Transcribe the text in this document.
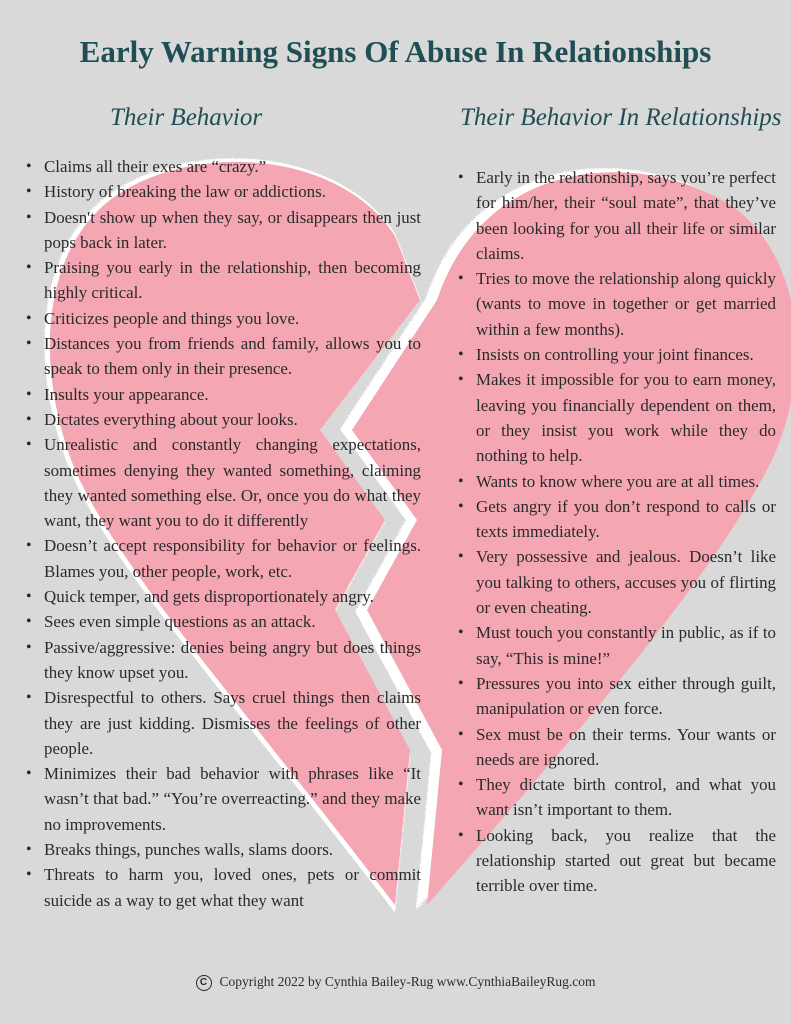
Early Warning Signs Of Abuse In Relationships
Their Behavior	Their Behavior In Relationships
• Claims all their exes are “crazy.”
• History of breaking the law or addictions.
• Doesn't show up when they say, or disappears then just pops back in later.
• Praising you early in the relationship, then becoming highly critical.
• Criticizes people and things you love.
• Distances you from friends and family, allows you to speak to them only in their presence.
• Insults your appearance.
• Dictates everything about your looks.
• Unrealistic and constantly changing expectations, sometimes denying they wanted something, claiming they wanted something else. Or, once you do what they want, they want you to do it differently
• Doesn’t accept responsibility for behavior or feelings. Blames you, other people, work, etc.
• Quick temper, and gets disproportionately angry.
• Sees even simple questions as an attack.
• Passive/aggressive: denies being angry but does things they know upset you.
• Disrespectful to others. Says cruel things then claims they are just kidding. Dismisses the feelings of other people.
• Minimizes their bad behavior with phrases like “It wasn’t that bad.” “You’re overreacting.” and they make no improvements.
• Breaks things, punches walls, slams doors.
• Threats to harm you, loved ones, pets or commit suicide as a way to get what they want
• Early in the relationship, says you’re perfect for him/her, their “soul mate”, that they’ve been looking for you all their life or similar claims.
• Tries to move the relationship along quickly (wants to move in together or get married within a few months).
• Insists on controlling your joint finances.
• Makes it impossible for you to earn money, leaving you financially dependent on them, or they insist you work while they do nothing to help.
• Wants to know where you are at all times.
• Gets angry if you don’t respond to calls or texts immediately.
• Very possessive and jealous. Doesn’t like you talking to others, accuses you of flirting or even cheating.
• Must touch you constantly in public, as if to say, “This is mine!”
• Pressures you into sex either through guilt, manipulation or even force.
• Sex must be on their terms. Your wants or needs are ignored.
• They dictate birth control, and what you want isn’t important to them.
• Looking back, you realize that the relationship started out great but became terrible over time.
C Copyright 2022 by Cynthia Bailey-Rug www.CynthiaBaileyRug.com
